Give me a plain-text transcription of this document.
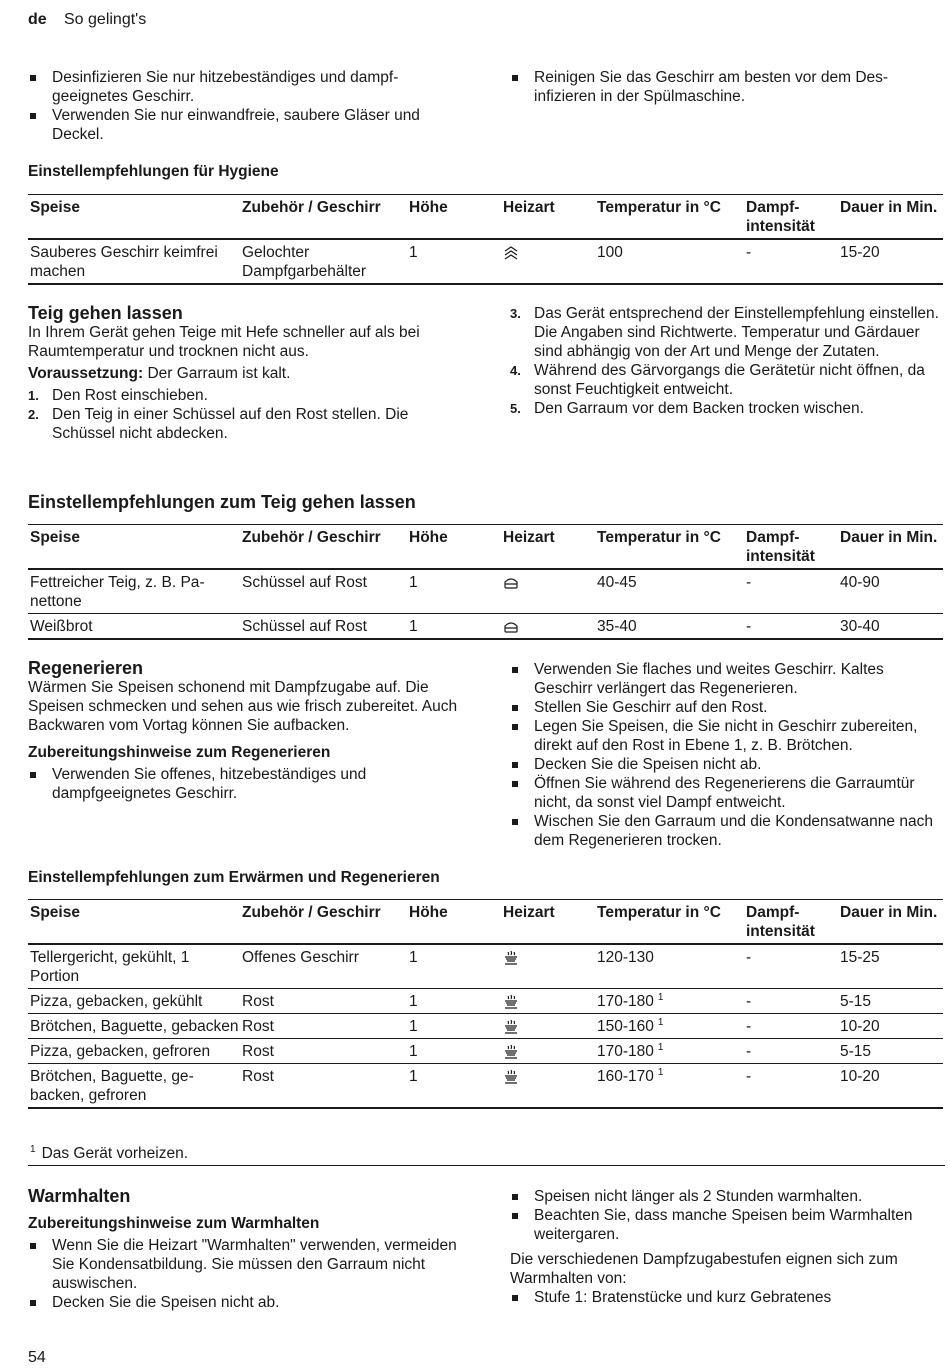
de So gelingt's
Desinfizieren Sie nur hitzebeständiges und dampfgeeignetes Geschirr.
Verwenden Sie nur einwandfreie, saubere Gläser und Deckel.
Reinigen Sie das Geschirr am besten vor dem Desinfizieren in der Spülmaschine.
Einstellempfehlungen für Hygiene
Speise	Zubehör / Geschirr	Höhe	Heizart	Temperatur in °C	Dampf-intensität	Dauer in Min.
Sauberes Geschirr keimfrei machen	Gelochter Dampfgarbehälter	1		100	-	15-20
Teig gehen lassen

In Ihrem Gerät gehen Teige mit Hefe schneller auf als bei Raumtemperatur und trocknen nicht aus.

Voraussetzung: Der Garraum ist kalt.

1. Den Rost einschieben.
2. Den Teig in einer Schüssel auf den Rost stellen. Die Schüssel nicht abdecken.
3. Das Gerät entsprechend der Einstellempfehlung einstellen.
Die Angaben sind Richtwerte. Temperatur und Gärdauer sind abhängig von der Art und Menge der Zutaten.
4. Während des Gärvorgangs die Gerätetür nicht öffnen, da sonst Feuchtigkeit entweicht.
5. Den Garraum vor dem Backen trocken wischen.
Einstellempfehlungen zum Teig gehen lassen
Speise	Zubehör / Geschirr	Höhe	Heizart	Temperatur in °C	Dampf-intensität	Dauer in Min.
Fettreicher Teig, z. B. Panettone	Schüssel auf Rost	1		40-45	-	40-90
Weißbrot	Schüssel auf Rost	1		35-40	-	30-40
Regenerieren

Wärmen Sie Speisen schonend mit Dampfzugabe auf. Die Speisen schmecken und sehen aus wie frisch zubereitet. Auch Backwaren vom Vortag können Sie aufbacken.

Zubereitungshinweise zum Regenerieren
Verwenden Sie offenes, hitzebeständiges und dampfgeeignetes Geschirr.
Verwenden Sie flaches und weites Geschirr. Kaltes Geschirr verlängert das Regenerieren.
Stellen Sie Geschirr auf den Rost.
Legen Sie Speisen, die Sie nicht in Geschirr zubereiten, direkt auf den Rost in Ebene 1, z. B. Brötchen.
Decken Sie die Speisen nicht ab.
Öffnen Sie während des Regenerierens die Garraumtür nicht, da sonst viel Dampf entweicht.
Wischen Sie den Garraum und die Kondensatwanne nach dem Regenerieren trocken.
Einstellempfehlungen zum Erwärmen und Regenerieren
Speise	Zubehör / Geschirr	Höhe	Heizart	Temperatur in °C	Dampf-intensität	Dauer in Min.
Tellergericht, gekühlt, 1 Portion	Offenes Geschirr	1		120-130	-	15-25
Pizza, gebacken, gekühlt	Rost	1		170-180 $^1$	-	5-15
Brötchen, Baguette, gebacken	Rost	1		150-160 $^1$	-	10-20
Pizza, gebacken, gefroren	Rost	1		170-180 $^1$	-	5-15
Brötchen, Baguette, gebacken, gefroren	Rost	1		160-170 $^1$	-	10-20
$^1$ Das Gerät vorheizen.
Warmhalten
Zubereitungshinweise zum Warmhalten
Wenn Sie die Heizart "Warmhalten" verwenden, vermeiden Sie Kondensatbildung. Sie müssen den Garraum nicht auswischen.
Decken Sie die Speisen nicht ab.
Speisen nicht länger als 2 Stunden warmhalten.
Beachten Sie, dass manche Speisen beim Warmhalten weitergaren.

Die verschiedenen Dampfzugabestufen eignen sich zum Warmhalten von:

Stufe 1: Bratenstücke und kurz Gebratenes
54
